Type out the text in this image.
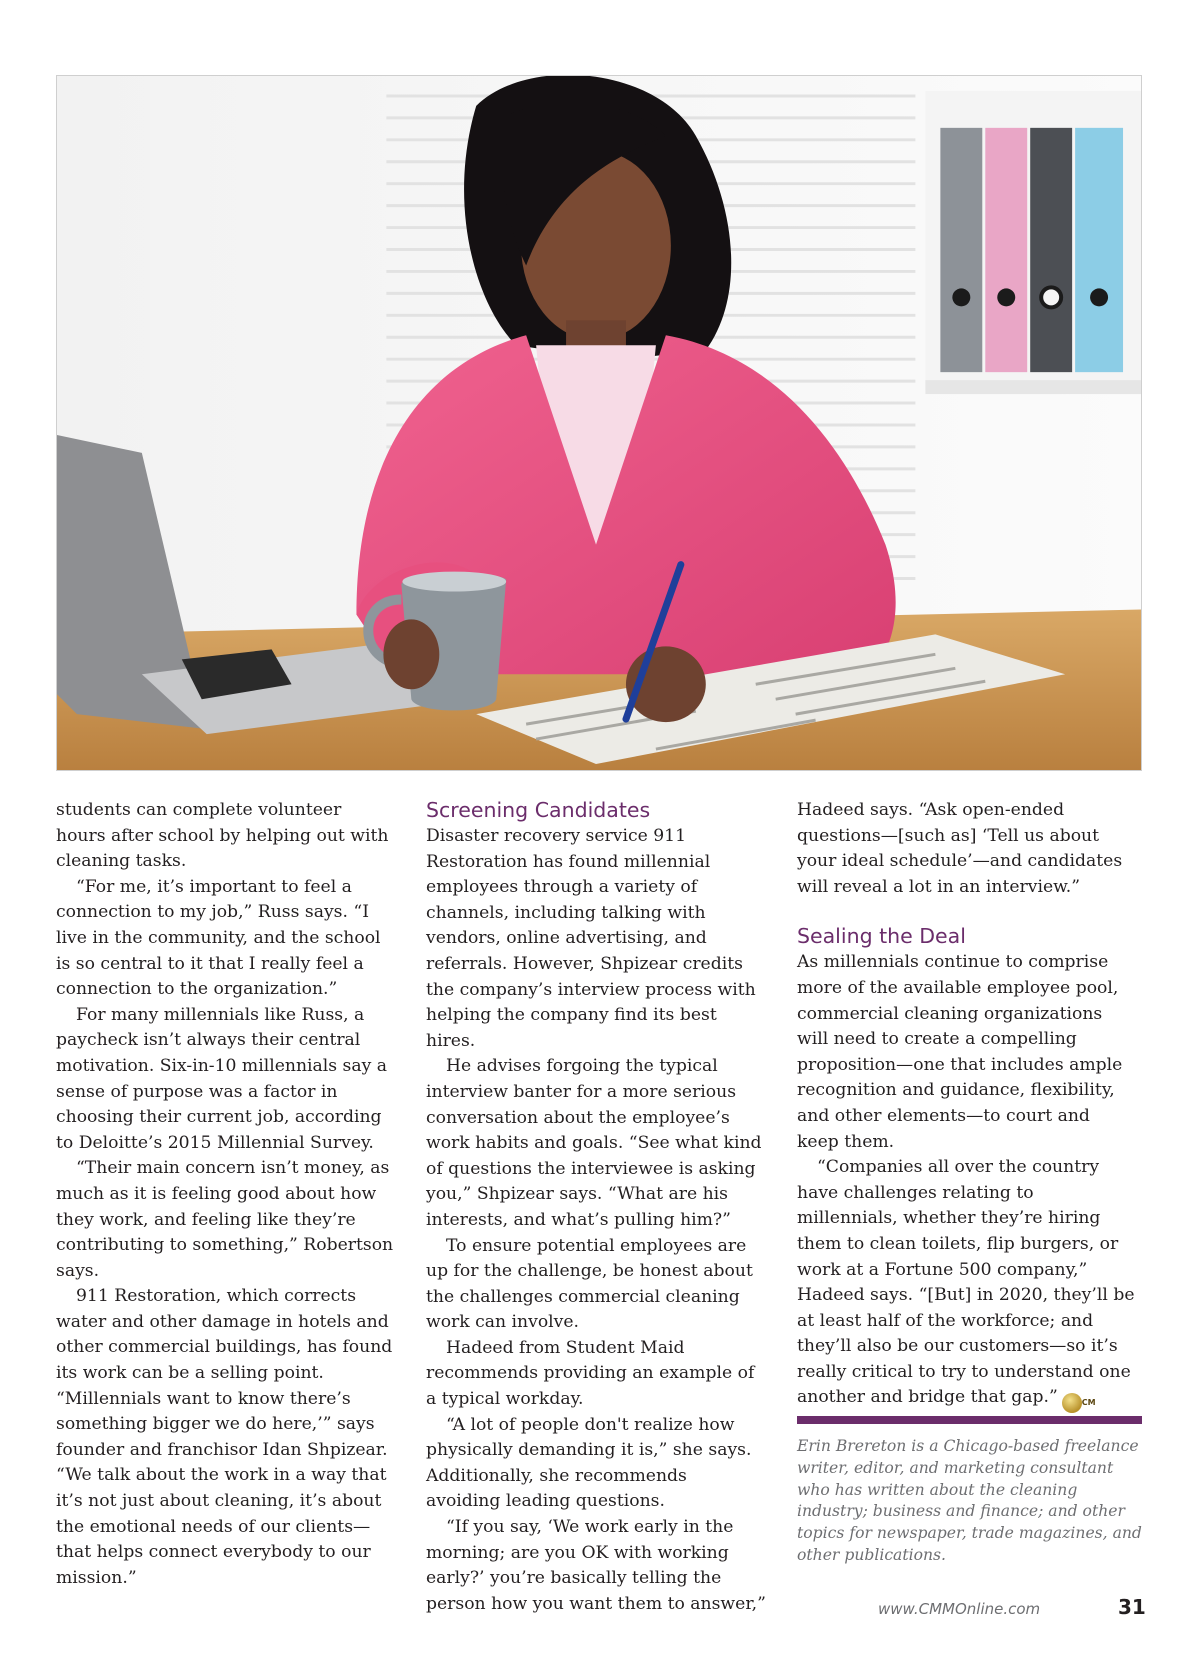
students can complete volunteer hours after school by helping out with cleaning tasks.

“For me, it’s important to feel a connection to my job,” Russ says. “I live in the community, and the school is so central to it that I really feel a connection to the organization.”

For many millennials like Russ, a paycheck isn’t always their central motivation. Six-in-10 millennials say a sense of purpose was a factor in choosing their current job, according to Deloitte’s 2015 Millennial Survey.

“Their main concern isn’t money, as much as it is feeling good about how they work, and feeling like they’re contributing to something,” Robertson says.

911 Restoration, which corrects water and other damage in hotels and other commercial buildings, has found its work can be a selling point. “Millennials want to know there’s something bigger we do here,’” says founder and franchisor Idan Shpizear. “We talk about the work in a way that it’s not just about cleaning, it’s about the emotional needs of our clients—that helps connect everybody to our mission.”

Screening Candidates

Disaster recovery service 911 Restoration has found millennial employees through a variety of channels, including talking with vendors, online advertising, and referrals. However, Shpizear credits the company’s interview process with helping the company find its best hires.

He advises forgoing the typical interview banter for a more serious conversation about the employee’s work habits and goals. “See what kind of questions the interviewee is asking you,” Shpizear says. “What are his interests, and what’s pulling him?”

To ensure potential employees are up for the challenge, be honest about the challenges commercial cleaning work can involve.

Hadeed from Student Maid recommends providing an example of a typical workday.

“A lot of people don't realize how physically demanding it is,” she says. Additionally, she recommends avoiding leading questions.

“If you say, ‘We work early in the morning; are you OK with working early?’ you’re basically telling the person how you want them to answer,”

Hadeed says. “Ask open-ended questions—[such as] ‘Tell us about your ideal schedule’—and candidates will reveal a lot in an interview.”

Sealing the Deal

As millennials continue to comprise more of the available employee pool, commercial cleaning organizations will need to create a compelling proposition—one that includes ample recognition and guidance, flexibility, and other elements—to court and keep them.

“Companies all over the country have challenges relating to millennials, whether they’re hiring them to clean toilets, flip burgers, or work at a Fortune 500 company,” Hadeed says. “[But] in 2020, they’ll be at least half of the workforce; and they’ll also be our customers—so it’s really critical to try to understand one another and bridge that gap.”	CM

Erin Brereton is a Chicago-based freelance writer, editor, and marketing consultant who has written about the cleaning industry; business and finance; and other topics for newspaper, trade magazines, and other publications.

www.CMMOnline.com	31
